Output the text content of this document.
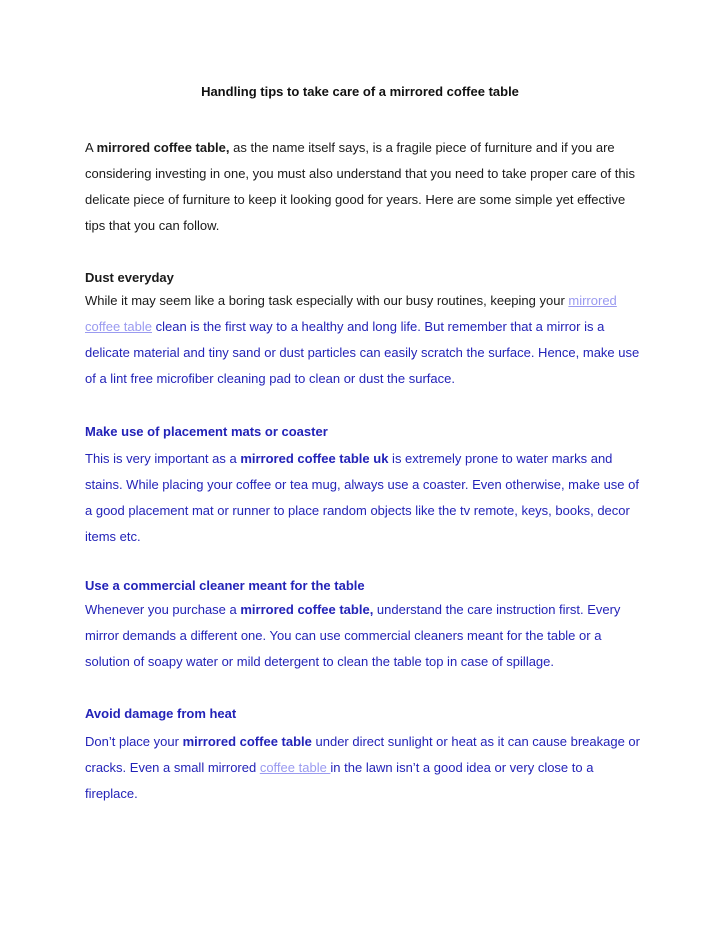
Handling tips to take care of a mirrored coffee table
A mirrored coffee table, as the name itself says, is a fragile piece of furniture and if you are considering investing in one, you must also understand that you need to take proper care of this delicate piece of furniture to keep it looking good for years. Here are some simple yet effective tips that you can follow.
Dust everyday
While it may seem like a boring task especially with our busy routines, keeping your mirrored coffee table clean is the first way to a healthy and long life. But remember that a mirror is a delicate material and tiny sand or dust particles can easily scratch the surface. Hence, make use of a lint free microfiber cleaning pad to clean or dust the surface.
Make use of placement mats or coaster
This is very important as a mirrored coffee table uk is extremely prone to water marks and stains. While placing your coffee or tea mug, always use a coaster. Even otherwise, make use of a good placement mat or runner to place random objects like the tv remote, keys, books, decor items etc.
Use a commercial cleaner meant for the table
Whenever you purchase a mirrored coffee table, understand the care instruction first. Every mirror demands a different one. You can use commercial cleaners meant for the table or a solution of soapy water or mild detergent to clean the table top in case of spillage.
Avoid damage from heat
Don’t place your mirrored coffee table under direct sunlight or heat as it can cause breakage or cracks. Even a small mirrored coffee table in the lawn isn’t a good idea or very close to a fireplace.
